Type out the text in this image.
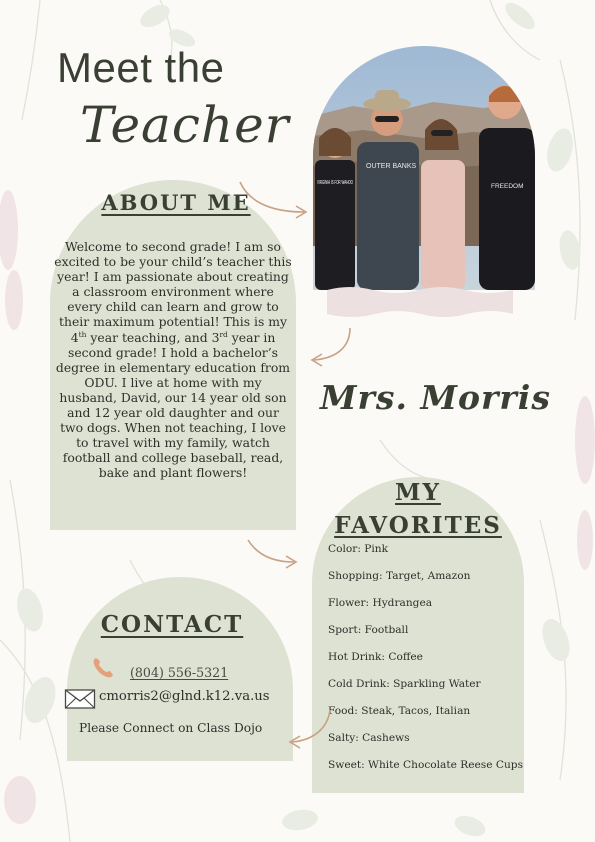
Meet the
Teacher
ABOUT ME
Welcome to second grade! I am so excited to be your child’s teacher this year! I am passionate about creating a classroom environment where every child can learn and grow to their maximum potential! This is my 4th year teaching, and 3rd year in second grade! I hold a bachelor’s degree in elementary education from ODU. I live at home with my husband, David, our 14 year old son and 12 year old daughter and our two dogs. When not teaching, I love to travel with my family, watch football and college baseball, read, bake and plant flowers!
OUTER BANKS
VIRGINIA IS FOR WAHOO	FREEDOM
Mrs. Morris
MY
FAVORITES
Color: Pink
Shopping: Target, Amazon
Flower: Hydrangea
Sport: Football
Hot Drink: Coffee
Cold Drink: Sparkling Water
Food: Steak, Tacos, Italian
Salty: Cashews
Sweet: White Chocolate Reese Cups
CONTACT
(804) 556-5321
cmorris2@glnd.k12.va.us
Please Connect on Class Dojo
